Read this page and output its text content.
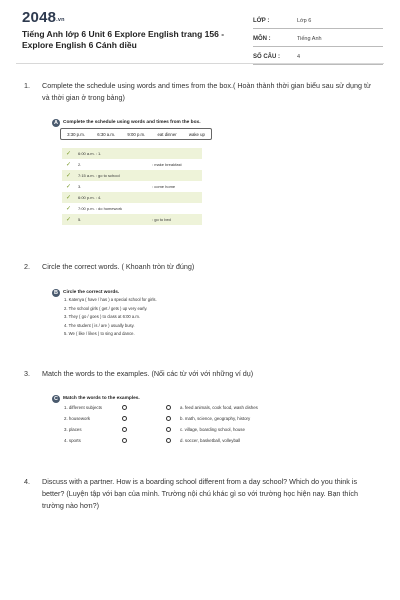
2048.vn
Tiếng Anh lớp 6 Unit 6 Explore English trang 156 - Explore English 6 Cánh diều
LỚP :	Lớp 6
MÔN :	Tiếng Anh
SỐ CÂU :	4
1. Complete the schedule using words and times from the box.( Hoàn thành thời gian biểu sau sử dụng từ và thời gian ở trong bảng)
A Complete the schedule using words and times from the box.
3:30 p.m.	6:30 a.m.	9:00 p.m.	eat dinner	wake up
✓ 6:00 a.m. : 1.
✓ 2.	: make breakfast
✓ 7:15 a.m. : go to school
✓ 3.	: come home
✓ 6:00 p.m. : 4.
✓ 7:00 p.m. : do homework
✓ 5.	: go to bed
2. Circle the correct words. ( Khoanh tròn từ đúng)
B Circle the correct words.
1. Katenya ( have / has ) a special school for girls.
2. The school girls ( get / gets ) up very early.
3. They ( go / goes ) to class at 6:00 a.m.
4. The student ( is / are ) usually busy.
5. We ( like / likes ) to sing and dance.
3. Match the words to the examples. (Nối các từ với với những ví dụ)
C Match the words to the examples.
1. different subjects	a. feed animals, cook food, wash dishes
2. housework	b. math, science, geography, history
3. places	c. village, boarding school, house
4. sports	d. soccer, basketball, volleyball
4. Discuss with a partner. How is a boarding school different from a day school? Which do you think is better? (Luyện tập với bạn của mình. Trường nội chú khác gì so với trường học hiện nay. Bạn thích trường nào hơn?)
